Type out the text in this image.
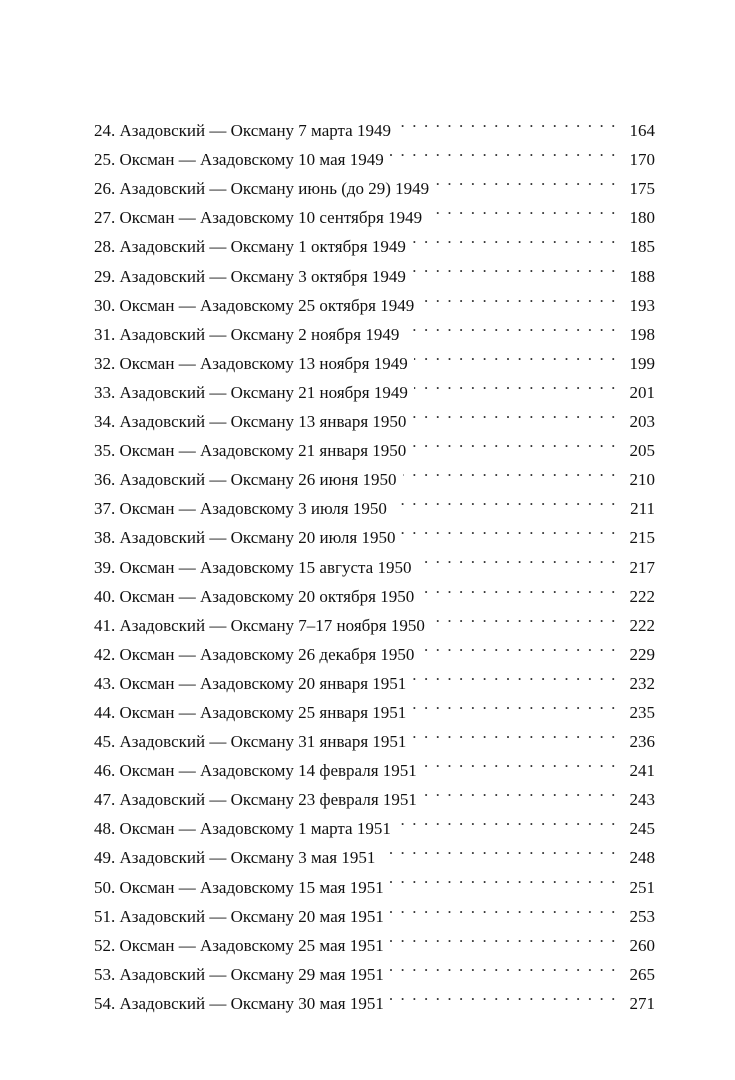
24. Азадовский — Оксману 7 марта 1949 . .	164
25. Оксман — Азадовскому 10 мая 1949 . .	170
26. Азадовский — Оксману июнь (до 29) 1949 . .	175
27. Оксман — Азадовскому 10 сентября 1949 . .	180
28. Азадовский — Оксману 1 октября 1949 . .	185
29. Азадовский — Оксману 3 октября 1949 . .	188
30. Оксман — Азадовскому 25 октября 1949 . .	193
31. Азадовский — Оксману 2 ноября 1949 . .	198
32. Оксман — Азадовскому 13 ноября 1949 . .	199
33. Азадовский — Оксману 21 ноября 1949 . .	201
34. Азадовский — Оксману 13 января 1950 . .	203
35. Оксман — Азадовскому 21 января 1950 . .	205
36. Азадовский — Оксману 26 июня 1950 . .	210
37. Оксман — Азадовскому 3 июля 1950 . .	211
38. Азадовский — Оксману 20 июля 1950 . .	215
39. Оксман — Азадовскому 15 августа 1950 . .	217
40. Оксман — Азадовскому 20 октября 1950 . .	222
41. Азадовский — Оксману 7–17 ноября 1950 . .	222
42. Оксман — Азадовскому 26 декабря 1950 . .	229
43. Оксман — Азадовскому 20 января 1951 . .	232
44. Оксман — Азадовскому 25 января 1951 . .	235
45. Азадовский — Оксману 31 января 1951 . .	236
46. Оксман — Азадовскому 14 февраля 1951 . .	241
47. Азадовский — Оксману 23 февраля 1951 . .	243
48. Оксман — Азадовскому 1 марта 1951 . .	245
49. Азадовский — Оксману 3 мая 1951 . .	248
50. Оксман — Азадовскому 15 мая 1951 . .	251
51. Азадовский — Оксману 20 мая 1951 . .	253
52. Оксман — Азадовскому 25 мая 1951 . .	260
53. Азадовский — Оксману 29 мая 1951 . .	265
54. Азадовский — Оксману 30 мая 1951 . .	271
